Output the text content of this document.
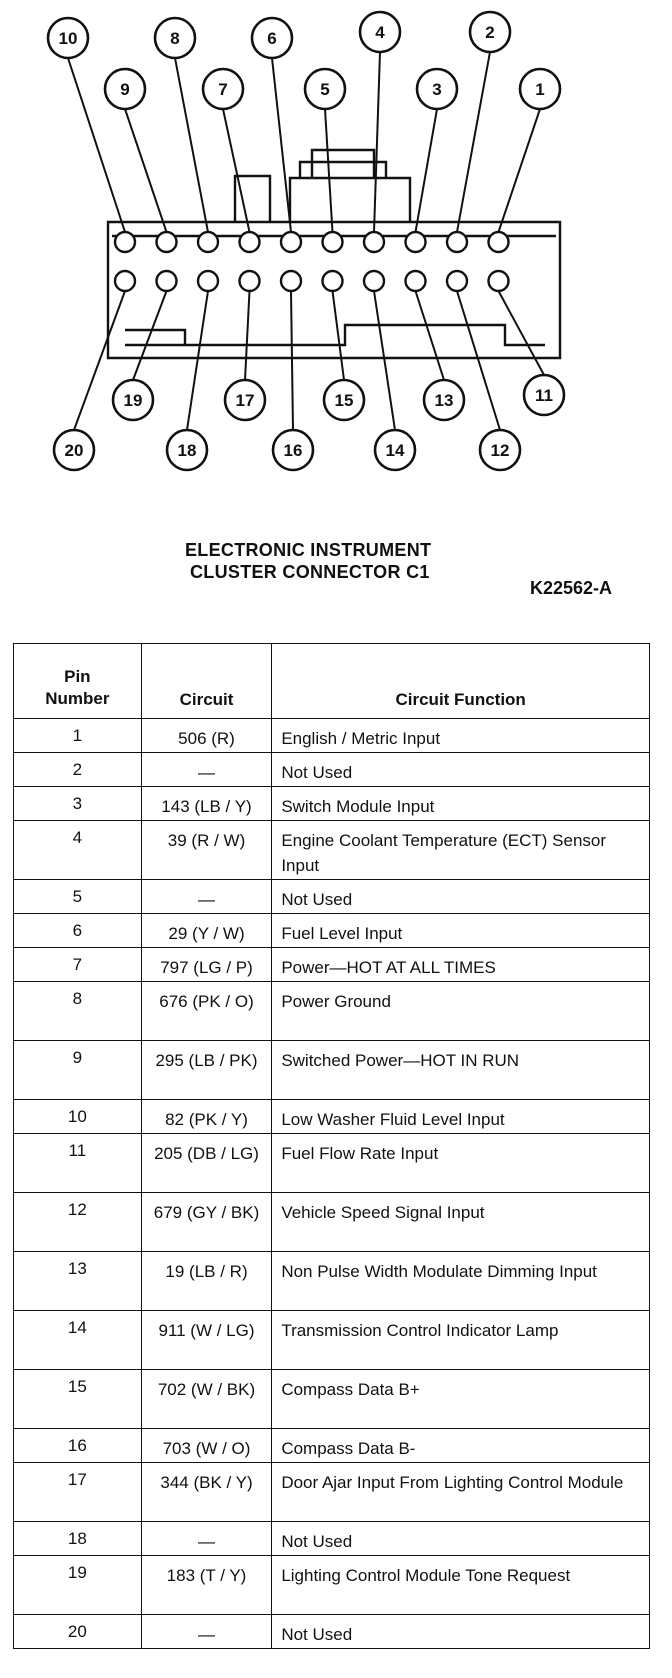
10
9
8
7
6
5
4
3
2
1
19	17	15	13	11
20	18	16	14	12
ELECTRONIC INSTRUMENT
CLUSTER CONNECTOR C1
K22562-A
Pin Number	Circuit	Circuit Function
1	506 (R)	English / Metric Input
2	—	Not Used
3	143 (LB / Y)	Switch Module Input
4	39 (R / W)	Engine Coolant Temperature (ECT) Sensor Input
5	—	Not Used
6	29 (Y / W)	Fuel Level Input
7	797 (LG / P)	Power—HOT AT ALL TIMES
8	676 (PK / O)	Power Ground
9	295 (LB / PK)	Switched Power—HOT IN RUN
10	82 (PK / Y)	Low Washer Fluid Level Input
11	205 (DB / LG)	Fuel Flow Rate Input
12	679 (GY / BK)	Vehicle Speed Signal Input
13	19 (LB / R)	Non Pulse Width Modulate Dimming Input
14	911 (W / LG)	Transmission Control Indicator Lamp
15	702 (W / BK)	Compass Data B+
16	703 (W / O)	Compass Data B-
17	344 (BK / Y)	Door Ajar Input From Lighting Control Module
18	—	Not Used
19	183 (T / Y)	Lighting Control Module Tone Request
20	—	Not Used
